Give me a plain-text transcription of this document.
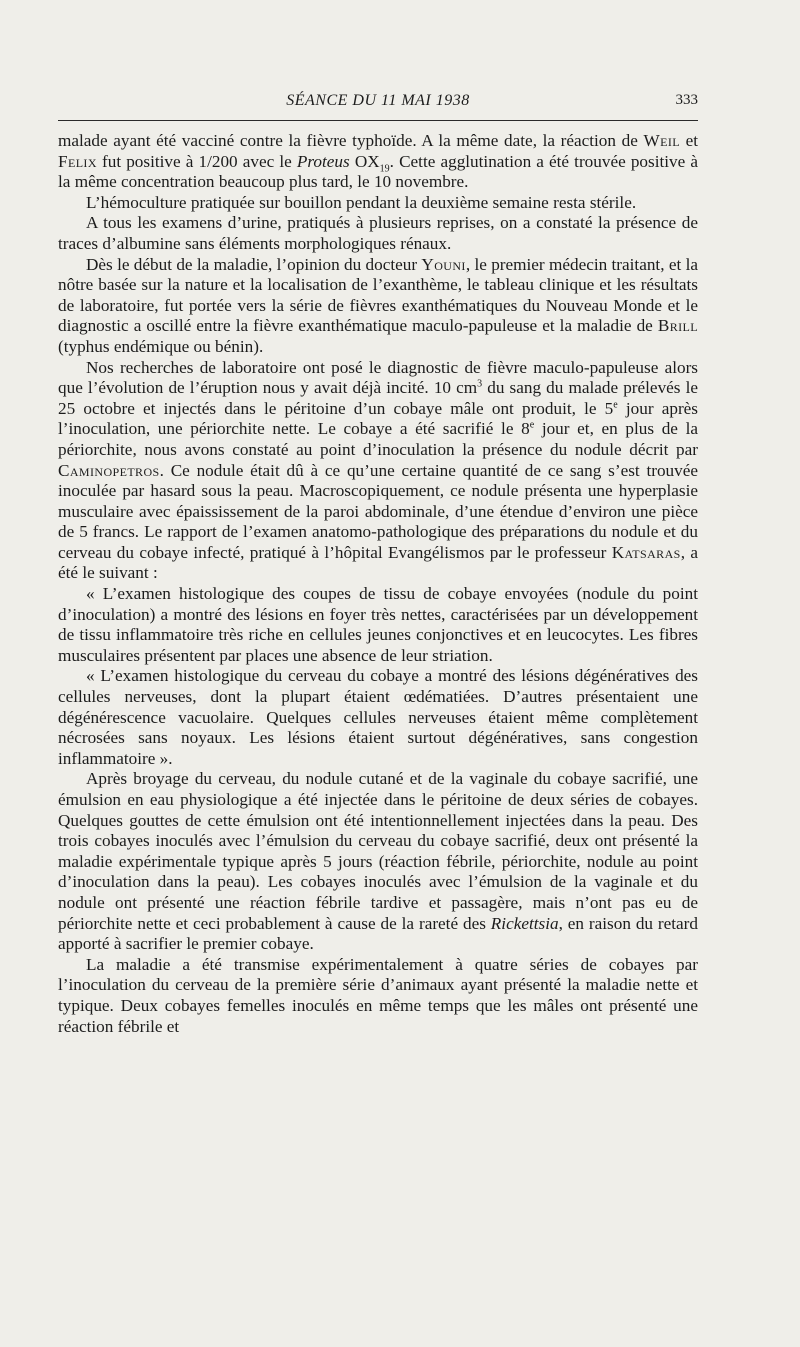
SÉANCE DU 11 MAI 1938	333

malade ayant été vacciné contre la fièvre typhoïde. A la même date, la réaction de Weil et Felix fut positive à 1/200 avec le Proteus $OX_{19}$. Cette agglutination a été trouvée positive à la même concentration beaucoup plus tard, le 10 novembre.

L’hémoculture pratiquée sur bouillon pendant la deuxième semaine resta stérile.

A tous les examens d’urine, pratiqués à plusieurs reprises, on a constaté la présence de traces d’albumine sans éléments morphologiques rénaux.

Dès le début de la maladie, l’opinion du docteur Youni, le premier médecin traitant, et la nôtre basée sur la nature et la localisation de l’exanthème, le tableau clinique et les résultats de laboratoire, fut portée vers la série de fièvres exanthématiques du Nouveau Monde et le diagnostic a oscillé entre la fièvre exanthématique maculo-papuleuse et la maladie de Brill (typhus endémique ou bénin).

Nos recherches de laboratoire ont posé le diagnostic de fièvre maculo-papuleuse alors que l’évolution de l’éruption nous y avait déjà incité. 10 $cm^3$ du sang du malade prélevés le 25 octobre et injectés dans le péritoine d’un cobaye mâle ont produit, le 5e jour après l’inoculation, une périorchite nette. Le cobaye a été sacrifié le 8e jour et, en plus de la périorchite, nous avons constaté au point d’inoculation la présence du nodule décrit par Caminopetros. Ce nodule était dû à ce qu’une certaine quantité de ce sang s’est trouvée inoculée par hasard sous la peau. Macroscopiquement, ce nodule présenta une hyperplasie musculaire avec épaississement de la paroi abdominale, d’une étendue d’environ une pièce de 5 francs. Le rapport de l’examen anatomo-pathologique des préparations du nodule et du cerveau du cobaye infecté, pratiqué à l’hôpital Evangélismos par le professeur Katsaras, a été le suivant :

« L’examen histologique des coupes de tissu de cobaye envoyées (nodule du point d’inoculation) a montré des lésions en foyer très nettes, caractérisées par un développement de tissu inflammatoire très riche en cellules jeunes conjonctives et en leucocytes. Les fibres musculaires présentent par places une absence de leur striation.

« L’examen histologique du cerveau du cobaye a montré des lésions dégénératives des cellules nerveuses, dont la plupart étaient œdématiées. D’autres présentaient une dégénérescence vacuolaire. Quelques cellules nerveuses étaient même complètement nécrosées sans noyaux. Les lésions étaient surtout dégénératives, sans congestion inflammatoire ».

Après broyage du cerveau, du nodule cutané et de la vaginale du cobaye sacrifié, une émulsion en eau physiologique a été injectée dans le péritoine de deux séries de cobayes. Quelques gouttes de cette émulsion ont été intentionnellement injectées dans la peau. Des trois cobayes inoculés avec l’émulsion du cerveau du cobaye sacrifié, deux ont présenté la maladie expérimentale typique après 5 jours (réaction fébrile, périorchite, nodule au point d’inoculation dans la peau). Les cobayes inoculés avec l’émulsion de la vaginale et du nodule ont présenté une réaction fébrile tardive et passagère, mais n’ont pas eu de périorchite nette et ceci probablement à cause de la rareté des Rickettsia, en raison du retard apporté à sacrifier le premier cobaye.

La maladie a été transmise expérimentalement à quatre séries de cobayes par l’inoculation du cerveau de la première série d’animaux ayant présenté la maladie nette et typique. Deux cobayes femelles inoculés en même temps que les mâles ont présenté une réaction fébrile et
